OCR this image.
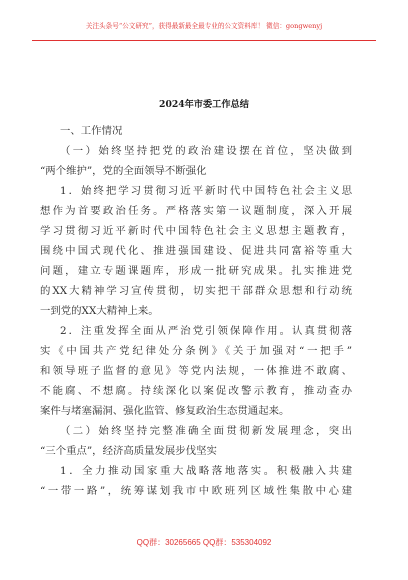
关注头条号“公文研究”，获得最新最全最专业的公文资料库！ 微信：gongwenyj
2024年市委工作总结
一、工作情况
（一）始终坚持把党的政治建设摆在首位，坚决做到
“两个维护”，党的全面领导不断强化
1．始终把学习贯彻习近平新时代中国特色社会主义思
想作为首要政治任务。严格落实第一议题制度，深入开展
学习贯彻习近平新时代中国特色社会主义思想主题教育，
围绕中国式现代化、推进强国建设、促进共同富裕等重大
问题，建立专题课题库，形成一批研究成果。扎实推进党
的XX大精神学习宣传贯彻，切实把干部群众思想和行动统
一到党的XX大精神上来。
2．注重发挥全面从严治党引领保障作用。认真贯彻落
实《中国共产党纪律处分条例》《关于加强对“一把手”
和领导班子监督的意见》等党内法规，一体推进不敢腐、
不能腐、不想腐。持续深化以案促改警示教育，推动查办
案件与堵塞漏洞、强化监管、修复政治生态贯通起来。
（二）始终坚持完整准确全面贯彻新发展理念，突出
“三个重点”，经济高质量发展步伐坚实
1．全力推动国家重大战略落地落实。积极融入共建
“一带一路”，统筹谋划我市中欧班列区域性集散中心建
QQ群：30265665 QQ群：535304092
